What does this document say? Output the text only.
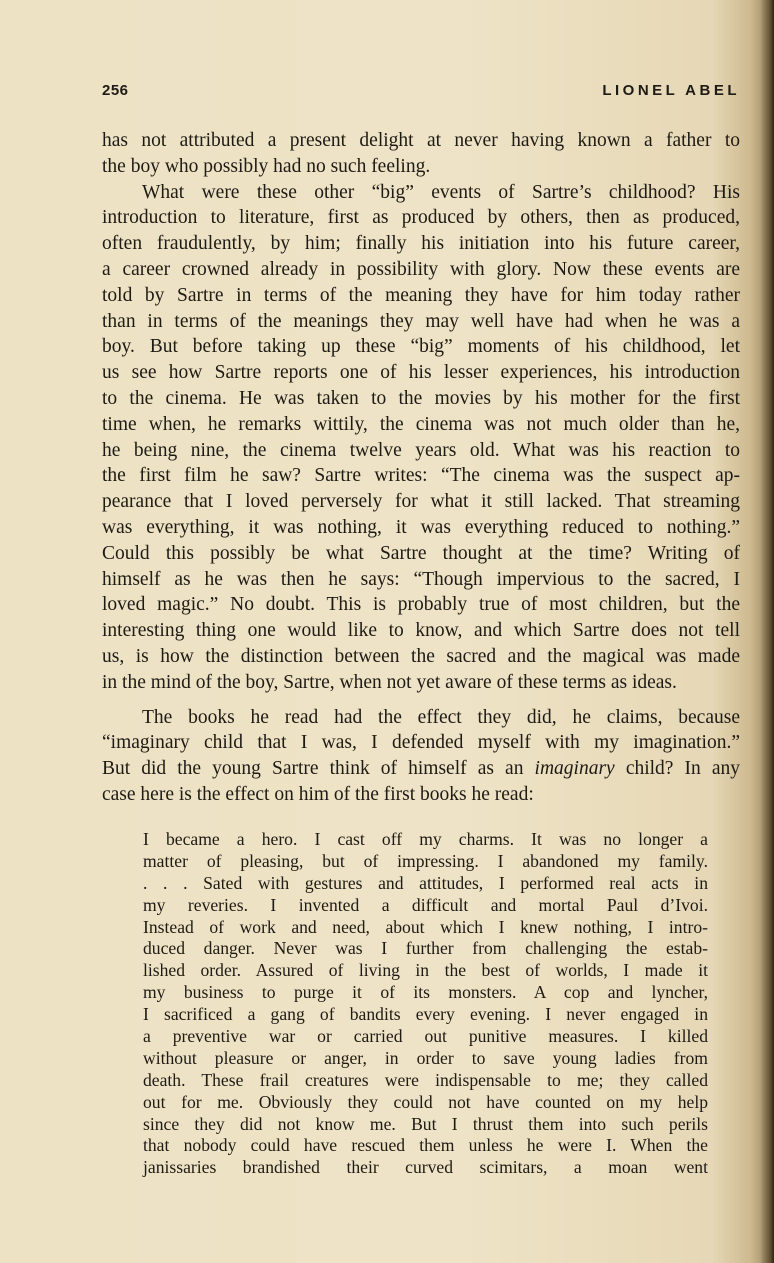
256	LIONEL ABEL
has not attributed a present delight at never having known a father to
the boy who possibly had no such feeling.
What were these other “big” events of Sartre’s childhood? His
introduction to literature, first as produced by others, then as produced,
often fraudulently, by him; finally his initiation into his future career,
a career crowned already in possibility with glory. Now these events are
told by Sartre in terms of the meaning they have for him today rather
than in terms of the meanings they may well have had when he was a
boy. But before taking up these “big” moments of his childhood, let
us see how Sartre reports one of his lesser experiences, his introduction
to the cinema. He was taken to the movies by his mother for the first
time when, he remarks wittily, the cinema was not much older than he,
he being nine, the cinema twelve years old. What was his reaction to
the first film he saw? Sartre writes: “The cinema was the suspect ap-
pearance that I loved perversely for what it still lacked. That streaming
was everything, it was nothing, it was everything reduced to nothing.”
Could this possibly be what Sartre thought at the time? Writing of
himself as he was then he says: “Though impervious to the sacred, I
loved magic.” No doubt. This is probably true of most children, but the
interesting thing one would like to know, and which Sartre does not tell
us, is how the distinction between the sacred and the magical was made
in the mind of the boy, Sartre, when not yet aware of these terms as ideas.
The books he read had the effect they did, he claims, because
“imaginary child that I was, I defended myself with my imagination.”
But did the young Sartre think of himself as an imaginary child? In any
case here is the effect on him of the first books he read:
I became a hero. I cast off my charms. It was no longer a
matter of pleasing, but of impressing. I abandoned my family.
. . . Sated with gestures and attitudes, I performed real acts in
my reveries. I invented a difficult and mortal Paul d’Ivoi.
Instead of work and need, about which I knew nothing, I intro-
duced danger. Never was I further from challenging the estab-
lished order. Assured of living in the best of worlds, I made it
my business to purge it of its monsters. A cop and lyncher,
I sacrificed a gang of bandits every evening. I never engaged in
a preventive war or carried out punitive measures. I killed
without pleasure or anger, in order to save young ladies from
death. These frail creatures were indispensable to me; they called
out for me. Obviously they could not have counted on my help
since they did not know me. But I thrust them into such perils
that nobody could have rescued them unless he were I. When the
janissaries brandished their curved scimitars, a moan went
